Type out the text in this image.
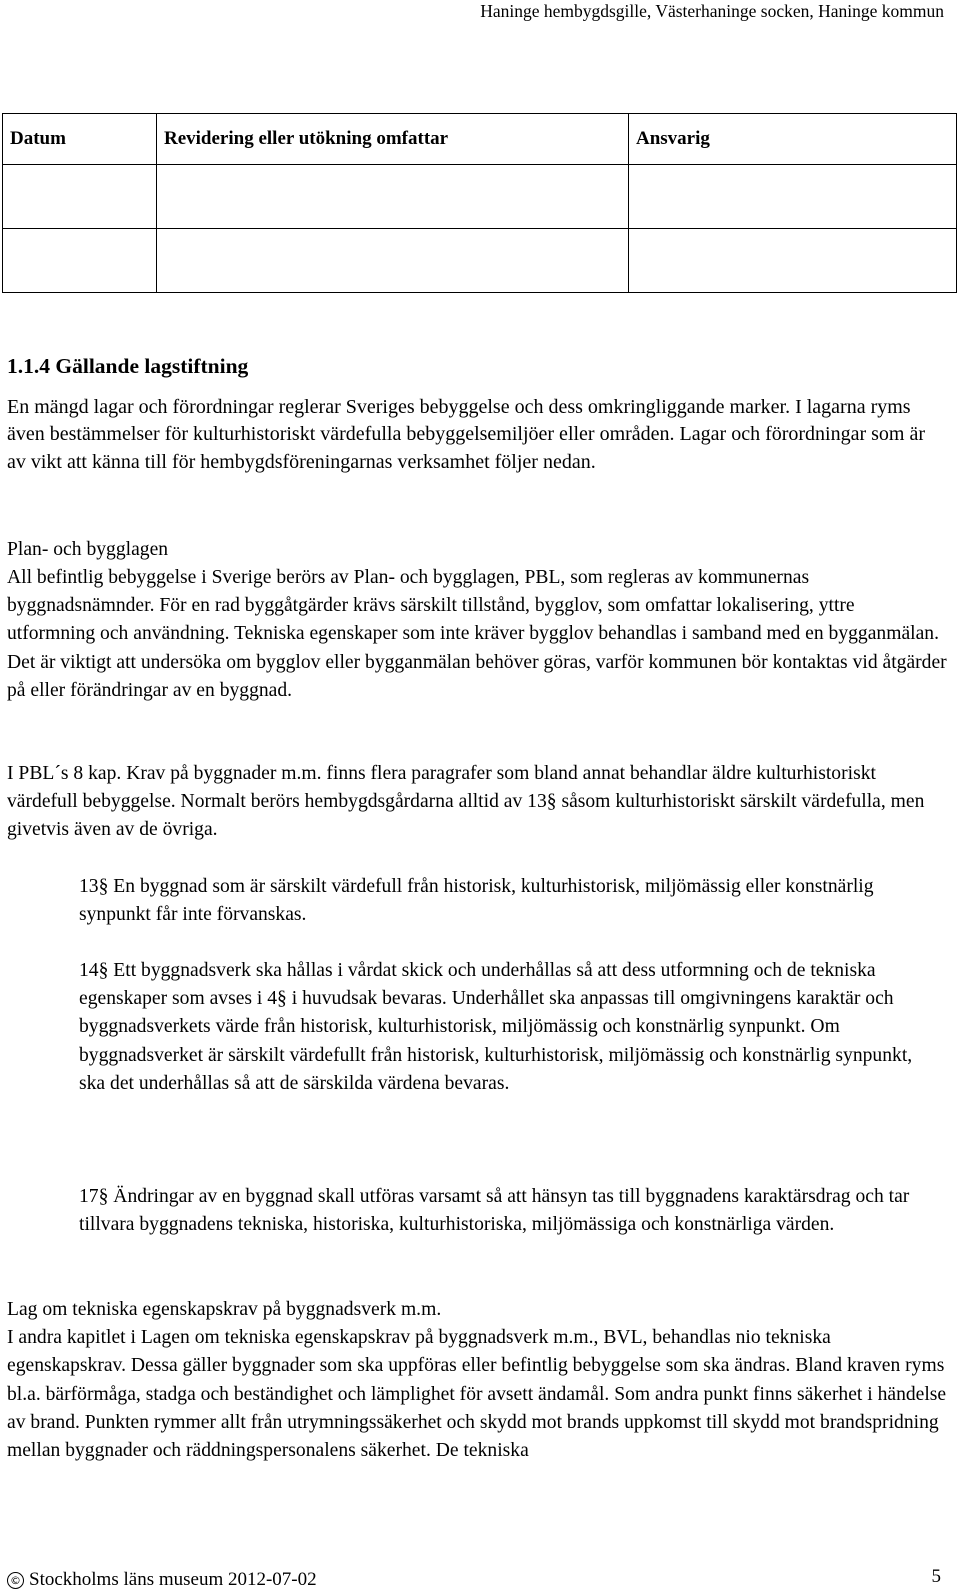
Haninge hembygdsgille, Västerhaninge socken, Haninge kommun
Datum	Revidering eller utökning omfattar	Ansvarig

1.1.4 Gällande lagstiftning

En mängd lagar och förordningar reglerar Sveriges bebyggelse och dess omkringliggande marker. I lagarna ryms även bestämmelser för kulturhistoriskt värdefulla bebyggelsemiljöer eller områden. Lagar och förordningar som är av vikt att känna till för hembygdsföreningarnas verksamhet följer nedan.

Plan- och bygglagen

All befintlig bebyggelse i Sverige berörs av Plan- och bygglagen, PBL, som regleras av kommunernas byggnadsnämnder. För en rad byggåtgärder krävs särskilt tillstånd, bygglov, som omfattar lokalisering, yttre utformning och användning. Tekniska egenskaper som inte kräver bygglov behandlas i samband med en bygganmälan. Det är viktigt att undersöka om bygglov eller bygganmälan behöver göras, varför kommunen bör kontaktas vid åtgärder på eller förändringar av en byggnad.

I PBL´s 8 kap. Krav på byggnader m.m. finns flera paragrafer som bland annat behandlar äldre kulturhistoriskt värdefull bebyggelse. Normalt berörs hembygdsgårdarna alltid av 13§ såsom kulturhistoriskt särskilt värdefulla, men givetvis även av de övriga.

13§ En byggnad som är särskilt värdefull från historisk, kulturhistorisk, miljömässig eller konstnärlig synpunkt får inte förvanskas.

14§ Ett byggnadsverk ska hållas i vårdat skick och underhållas så att dess utformning och de tekniska egenskaper som avses i 4§ i huvudsak bevaras. Underhållet ska anpassas till omgivningens karaktär och byggnadsverkets värde från historisk, kulturhistorisk, miljömässig och konstnärlig synpunkt. Om byggnadsverket är särskilt värdefullt från historisk, kulturhistorisk, miljömässig och konstnärlig synpunkt, ska det underhållas så att de särskilda värdena bevaras.

17§ Ändringar av en byggnad skall utföras varsamt så att hänsyn tas till byggnadens karaktärsdrag och tar tillvara byggnadens tekniska, historiska, kulturhistoriska, miljömässiga och konstnärliga värden.

Lag om tekniska egenskapskrav på byggnadsverk m.m.

I andra kapitlet i Lagen om tekniska egenskapskrav på byggnadsverk m.m., BVL, behandlas nio tekniska egenskapskrav. Dessa gäller byggnader som ska uppföras eller befintlig bebyggelse som ska ändras. Bland kraven ryms bl.a. bärförmåga, stadga och beständighet och lämplighet för avsett ändamål. Som andra punkt finns säkerhet i händelse av brand. Punkten rymmer allt från utrymningssäkerhet och skydd mot brands uppkomst till skydd mot brandspridning mellan byggnader och räddningspersonalens säkerhet. De tekniska

© Stockholms läns museum 2012-07-02	5
